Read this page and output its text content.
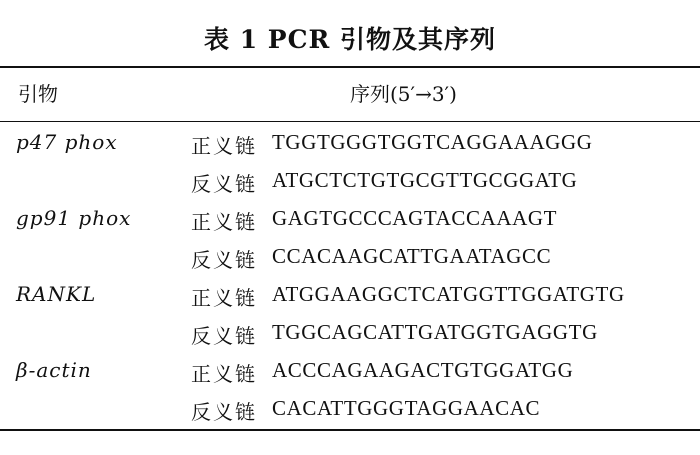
表 1 PCR 引物及其序列
引物	序列(5′→3′)
p47 phox	正义链 TGGTGGGTGGTCAGGAAAGGG
反义链 ATGCTCTGTGCGTTGCGGATG
gp91 phox	正义链 GAGTGCCCAGTACCAAAGT
反义链 CCACAAGCATTGAATAGCC
RANKL	正义链 ATGGAAGGCTCATGGTTGGATGTG
反义链 TGGCAGCATTGATGGTGAGGTG
β-actin	正义链 ACCCAGAAGACTGTGGATGG
反义链 CACATTGGGTAGGAACAC
